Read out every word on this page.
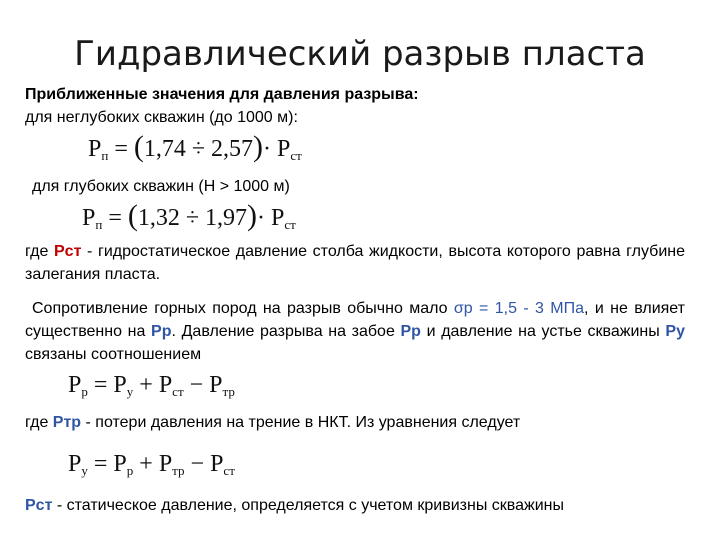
Гидравлический разрыв пласта
Приближенные значения для давления разрыва:
для неглубоких скважин (до 1000 м):
$P_п = (1,74 \div 2,57)\cdot P_{ст}$
для глубоких скважин (Н > 1000 м)
$P_п = (1,32 \div 1,97)\cdot P_{ст}$
где Рст - гидростатическое давление столба жидкости, высота которого равна глубине залегания пласта.
Сопротивление горных пород на разрыв обычно мало σр = 1,5 - 3 МПа, и не влияет существенно на Рр. Давление разрыва на забое Рр и давление на устье скважины Ру связаны соотношением
$P_р = P_у + P_{ст} - P_{тр}$
где Ртр - потери давления на трение в НКТ. Из уравнения следует
$P_у = P_р + P_{тр} - P_{ст}$
Рст - статическое давление, определяется с учетом кривизны скважины
